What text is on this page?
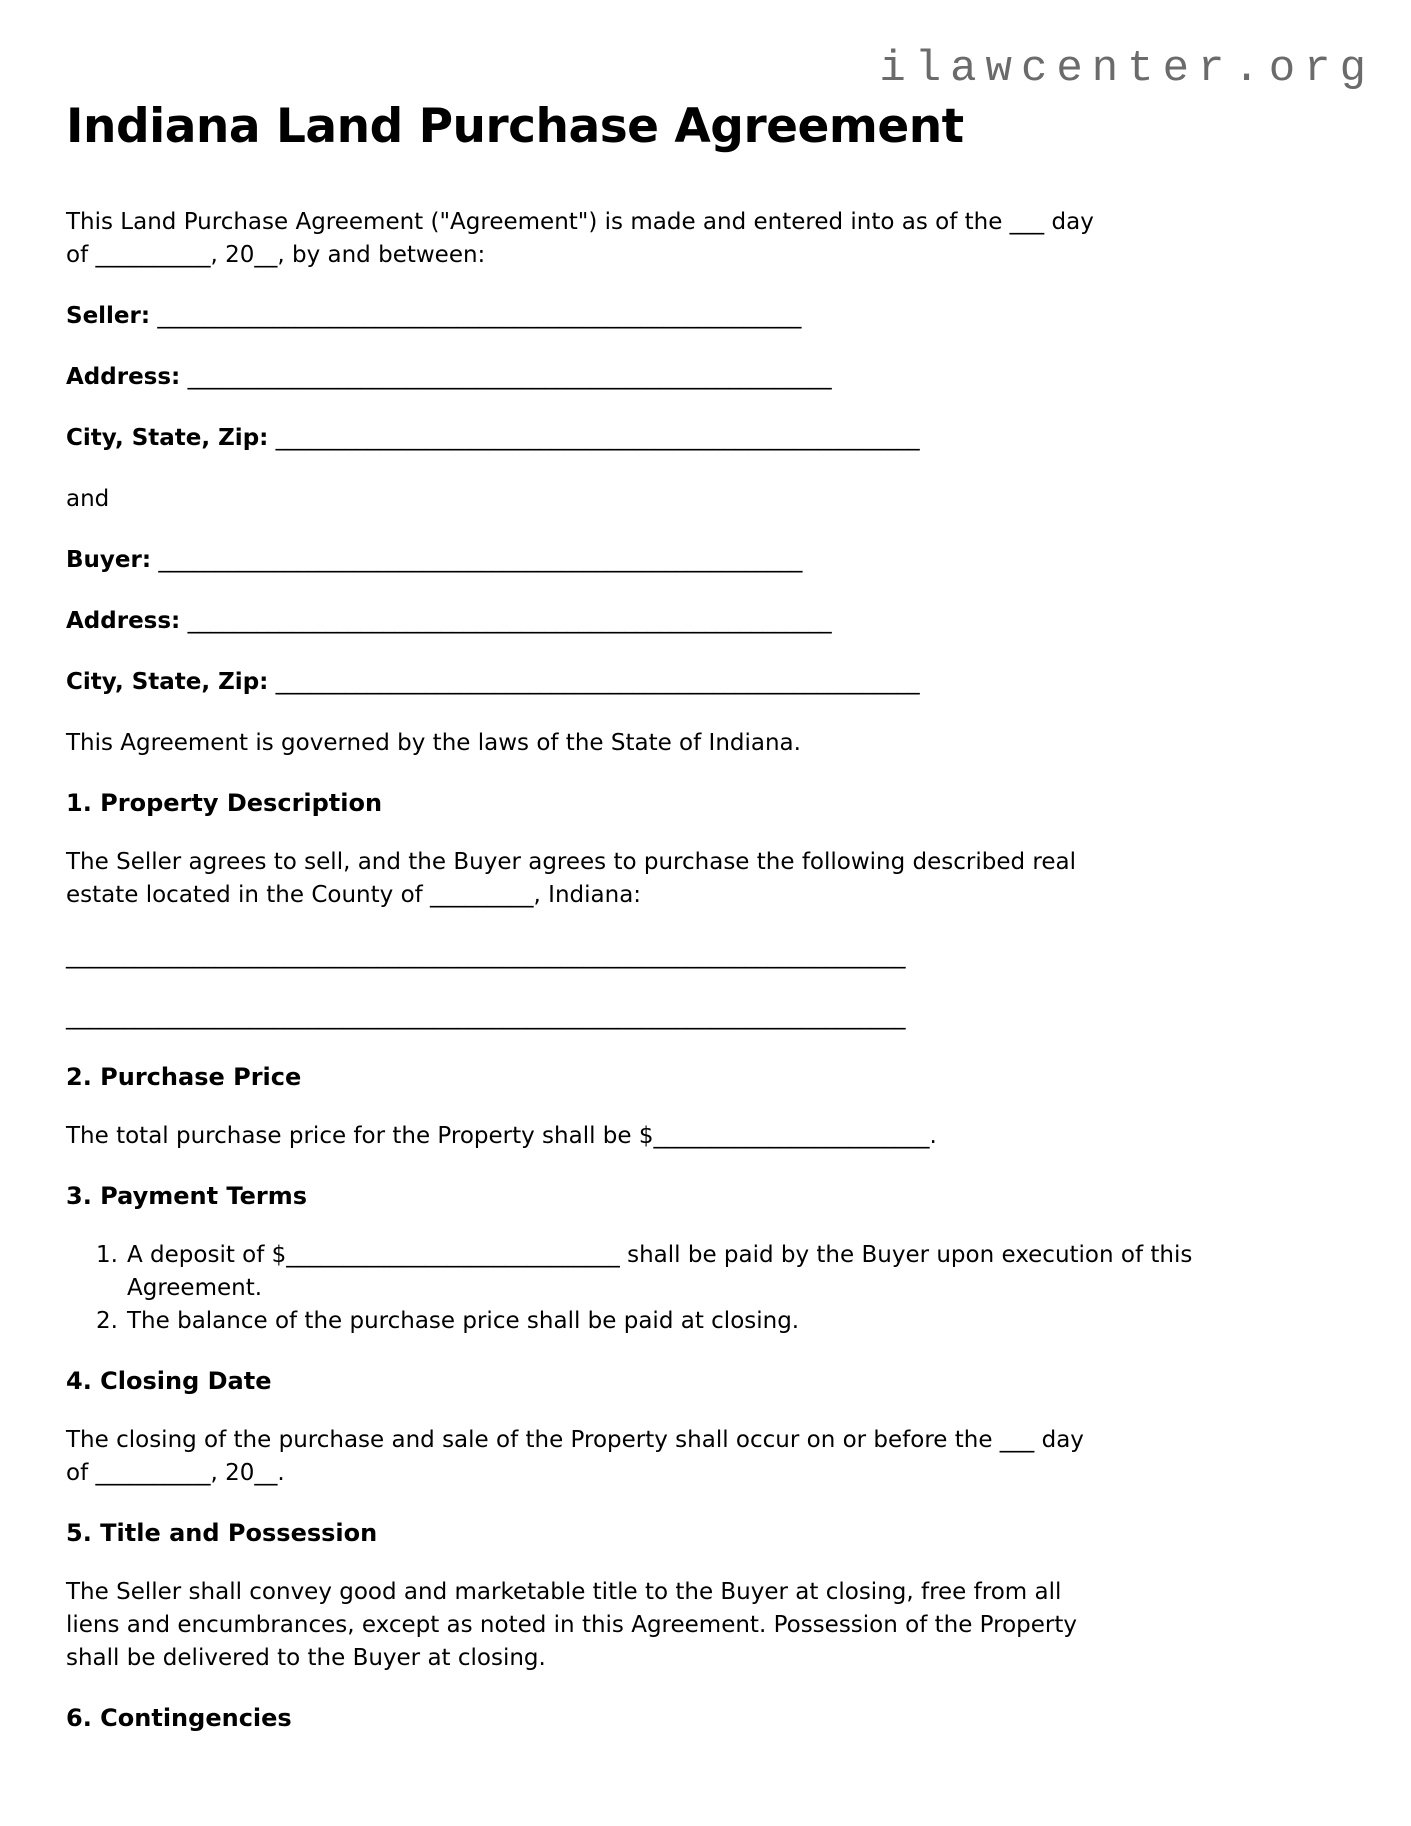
ilawcenter.org
Indiana Land Purchase Agreement
This Land Purchase Agreement ("Agreement") is made and entered into as of the ___ day
of __________, 20__, by and between:
Seller: ________________________________________________________
Address: ________________________________________________________
City, State, Zip: ________________________________________________________
and
Buyer: ________________________________________________________
Address: ________________________________________________________
City, State, Zip: ________________________________________________________
This Agreement is governed by the laws of the State of Indiana.
1. Property Description
The Seller agrees to sell, and the Buyer agrees to purchase the following described real
estate located in the County of _________, Indiana:
_________________________________________________________________________
_________________________________________________________________________
2. Purchase Price
The total purchase price for the Property shall be $________________________.
3. Payment Terms
1. A deposit of $_____________________________ shall be paid by the Buyer upon execution of this
Agreement.
2. The balance of the purchase price shall be paid at closing.
4. Closing Date
The closing of the purchase and sale of the Property shall occur on or before the ___ day
of __________, 20__.
5. Title and Possession
The Seller shall convey good and marketable title to the Buyer at closing, free from all
liens and encumbrances, except as noted in this Agreement. Possession of the Property
shall be delivered to the Buyer at closing.
6. Contingencies
